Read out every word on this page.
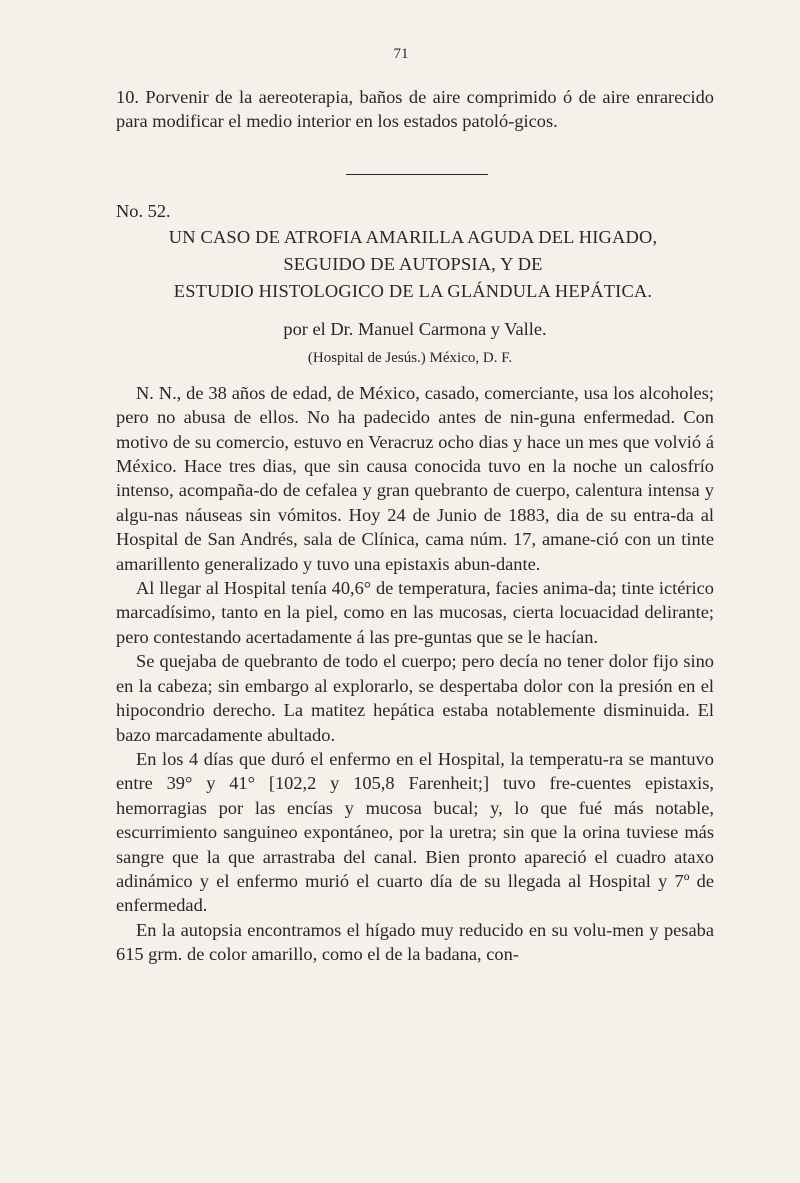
71

10. Porvenir de la aereoterapia, baños de aire comprimido ó de aire enrarecido para modificar el medio interior en los estados patoló-gicos.

No. 52.
UN CASO DE ATROFIA AMARILLA AGUDA DEL HIGADO,
SEGUIDO DE AUTOPSIA, Y DE
ESTUDIO HISTOLOGICO DE LA GLÁNDULA HEPÁTICA.
por el Dr. Manuel Carmona y Valle.
(Hospital de Jesús.) México, D. F.

N. N., de 38 años de edad, de México, casado, comerciante, usa los alcoholes; pero no abusa de ellos. No ha padecido antes de nin-guna enfermedad. Con motivo de su comercio, estuvo en Veracruz ocho dias y hace un mes que volvió á México. Hace tres dias, que sin causa conocida tuvo en la noche un calosfrío intenso, acompaña-do de cefalea y gran quebranto de cuerpo, calentura intensa y algu-nas náuseas sin vómitos. Hoy 24 de Junio de 1883, dia de su entra-da al Hospital de San Andrés, sala de Clínica, cama núm. 17, amane-ció con un tinte amarillento generalizado y tuvo una epistaxis abun-dante.

Al llegar al Hospital tenía 40,6° de temperatura, facies anima-da; tinte ictérico marcadísimo, tanto en la piel, como en las mucosas, cierta locuacidad delirante; pero contestando acertadamente á las pre-guntas que se le hacían.

Se quejaba de quebranto de todo el cuerpo; pero decía no tener dolor fijo sino en la cabeza; sin embargo al explorarlo, se despertaba dolor con la presión en el hipocondrio derecho. La matitez hepática estaba notablemente disminuida. El bazo marcadamente abultado.

En los 4 días que duró el enfermo en el Hospital, la temperatu-ra se mantuvo entre 39° y 41° [102,2 y 105,8 Farenheit;] tuvo fre-cuentes epistaxis, hemorragias por las encías y mucosa bucal; y, lo que fué más notable, escurrimiento sanguineo expontáneo, por la uretra; sin que la orina tuviese más sangre que la que arrastraba del canal. Bien pronto apareció el cuadro ataxo adinámico y el enfermo murió el cuarto día de su llegada al Hospital y 7º de enfermedad.

En la autopsia encontramos el hígado muy reducido en su volu-men y pesaba 615 grm. de color amarillo, como el de la badana, con-
